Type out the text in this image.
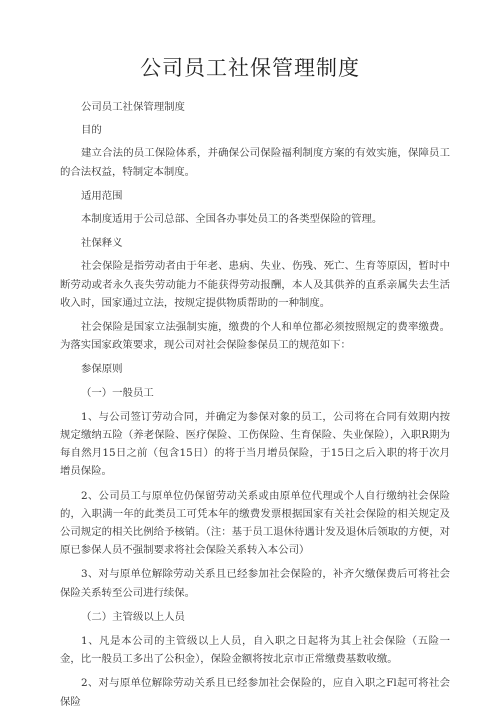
公司员工社保管理制度

公司员工社保管理制度

目的

建立合法的员工保险体系，并确保公司保险福利制度方案的有效实施，保障员工的合法权益，特制定本制度。

适用范围

本制度适用于公司总部、全国各办事处员工的各类型保险的管理。

社保释义

社会保险是指劳动者由于年老、患病、失业、伤残、死亡、生育等原因，暂时中断劳动或者永久丧失劳动能力不能获得劳动报酬，本人及其供养的直系亲属失去生活收入时，国家通过立法，按规定提供物质帮助的一种制度。

社会保险是国家立法强制实施，缴费的个人和单位都必须按照规定的费率缴费。为落实国家政策要求，现公司对社会保险参保员工的规范如下：

参保原则

（一）一般员工

1、与公司签订劳动合同，并确定为参保对象的员工，公司将在合同有效期内按规定缴纳五险（养老保险、医疗保险、工伤保险、生育保险、失业保险），入职R期为每自然月15日之前（包含15日）的将于当月增员保险，于15日之后入职的将于次月增员保险。

2、公司员工与原单位仍保留劳动关系或由原单位代理或个人自行缴纳社会保险的，入职满一年的此类员工可凭本年的缴费发票根据国家有关社会保险的相关规定及公司规定的相关比例给予核销。（注：基于员工退休待遇计发及退休后领取的方便，对原已参保人员不强制要求将社会保险关系转入本公司）

3、对与原单位解除劳动关系且已经参加社会保险的，补齐欠缴保费后可将社会保险关系转至公司进行续保。

（二）主管级以上人员

1、凡是本公司的主管级以上人员，自入职之日起将为其上社会保险（五险一金，比一般员工多出了公积金），保险金额将按北京市正常缴费基数收缴。

2、对与原单位解除劳动关系且已经参加社会保险的，应自入职之Fl起可将社会保险
